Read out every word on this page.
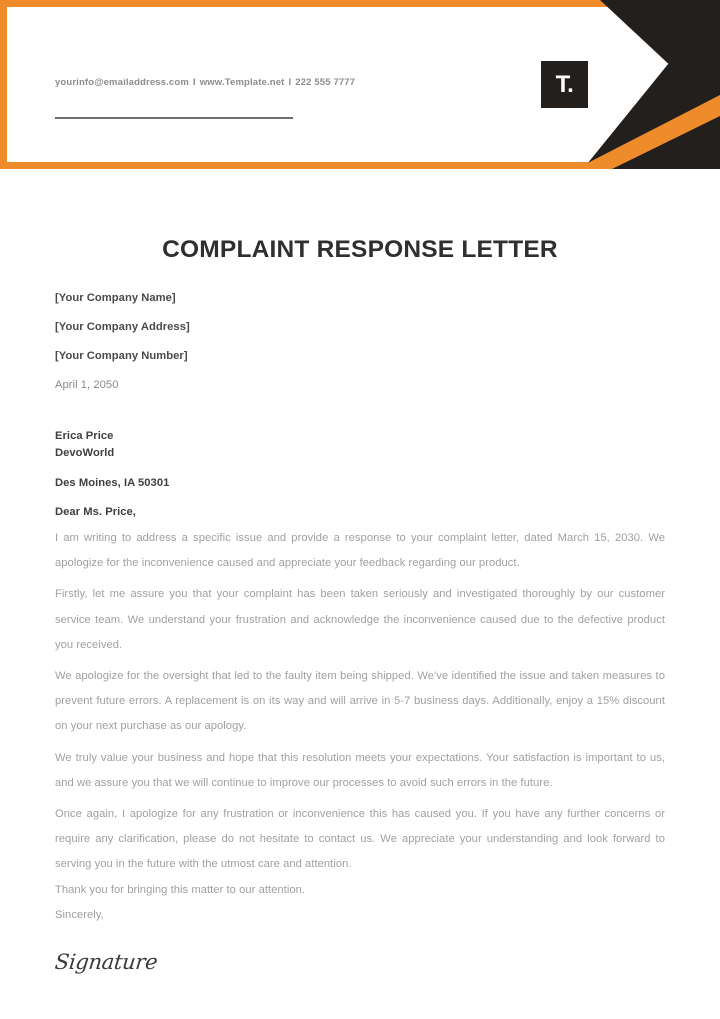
yourinfo@emailaddress.com I www.Template.net I 222 555 7777	T.
COMPLAINT RESPONSE LETTER
[Your Company Name]
[Your Company Address]
[Your Company Number]
April 1, 2050
Erica Price
DevoWorld
Des Moines, IA 50301
Dear Ms. Price,

I am writing to address a specific issue and provide a response to your complaint letter, dated March 15, 2030. We apologize for the inconvenience caused and appreciate your feedback regarding our product.

Firstly, let me assure you that your complaint has been taken seriously and investigated thoroughly by our customer service team. We understand your frustration and acknowledge the inconvenience caused due to the defective product you received.

We apologize for the oversight that led to the faulty item being shipped. We've identified the issue and taken measures to prevent future errors. A replacement is on its way and will arrive in 5-7 business days. Additionally, enjoy a 15% discount on your next purchase as our apology.

We truly value your business and hope that this resolution meets your expectations. Your satisfaction is important to us, and we assure you that we will continue to improve our processes to avoid such errors in the future.

Once again, I apologize for any frustration or inconvenience this has caused you. If you have any further concerns or require any clarification, please do not hesitate to contact us. We appreciate your understanding and look forward to serving you in the future with the utmost care and attention.

Thank you for bringing this matter to our attention.

Sincerely,

Signature
